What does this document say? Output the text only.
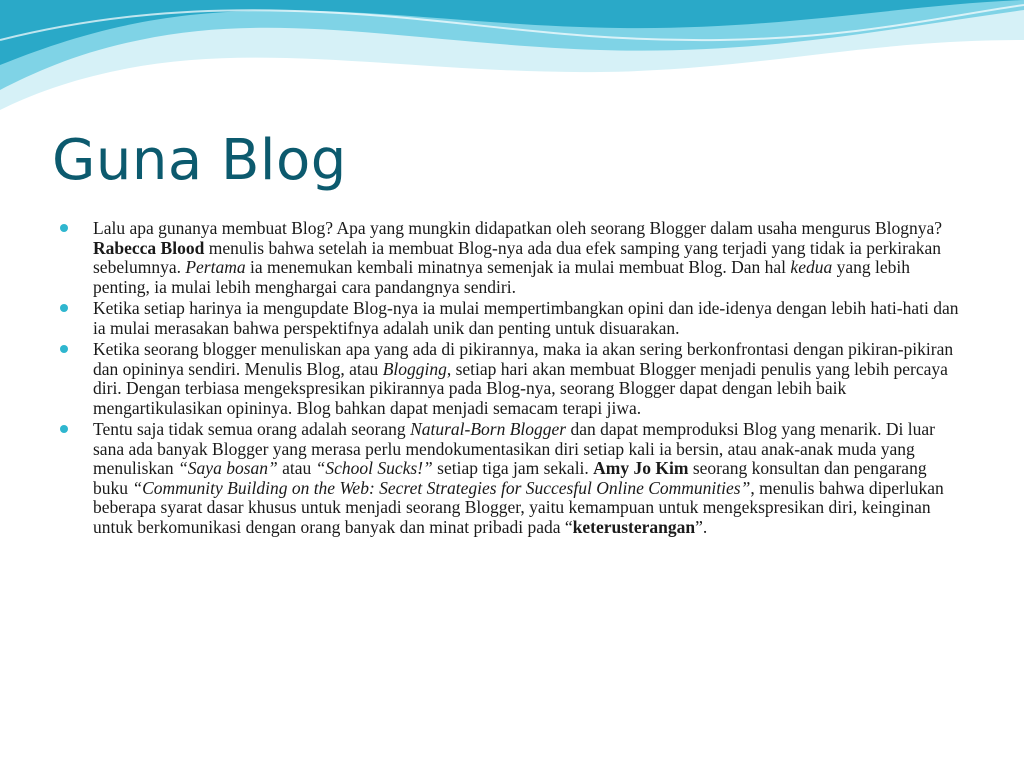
Guna Blog
Lalu apa gunanya membuat Blog? Apa yang mungkin didapatkan oleh seorang Blogger dalam usaha mengurus Blognya? Rabecca Blood menulis bahwa setelah ia membuat Blog-nya ada dua efek samping yang terjadi yang tidak ia perkirakan sebelumnya. Pertama ia menemukan kembali minatnya semenjak ia mulai membuat Blog. Dan hal kedua yang lebih penting, ia mulai lebih menghargai cara pandangnya sendiri.
Ketika setiap harinya ia mengupdate Blog-nya ia mulai mempertimbangkan opini dan ide-idenya dengan lebih hati-hati dan ia mulai merasakan bahwa perspektifnya adalah unik dan penting untuk disuarakan.
Ketika seorang blogger menuliskan apa yang ada di pikirannya, maka ia akan sering berkonfrontasi dengan pikiran-pikiran dan opininya sendiri. Menulis Blog, atau Blogging, setiap hari akan membuat Blogger menjadi penulis yang lebih percaya diri. Dengan terbiasa mengekspresikan pikirannya pada Blog-nya, seorang Blogger dapat dengan lebih baik mengartikulasikan opininya. Blog bahkan dapat menjadi semacam terapi jiwa.
Tentu saja tidak semua orang adalah seorang Natural-Born Blogger dan dapat memproduksi Blog yang menarik. Di luar sana ada banyak Blogger yang merasa perlu mendokumentasikan diri setiap kali ia bersin, atau anak-anak muda yang menuliskan “Saya bosan” atau “School Sucks!” setiap tiga jam sekali. Amy Jo Kim seorang konsultan dan pengarang buku “Community Building on the Web: Secret Strategies for Succesful Online Communities”, menulis bahwa diperlukan beberapa syarat dasar khusus untuk menjadi seorang Blogger, yaitu kemampuan untuk mengekspresikan diri, keinginan untuk berkomunikasi dengan orang banyak dan minat pribadi pada “keterusterangan”.
